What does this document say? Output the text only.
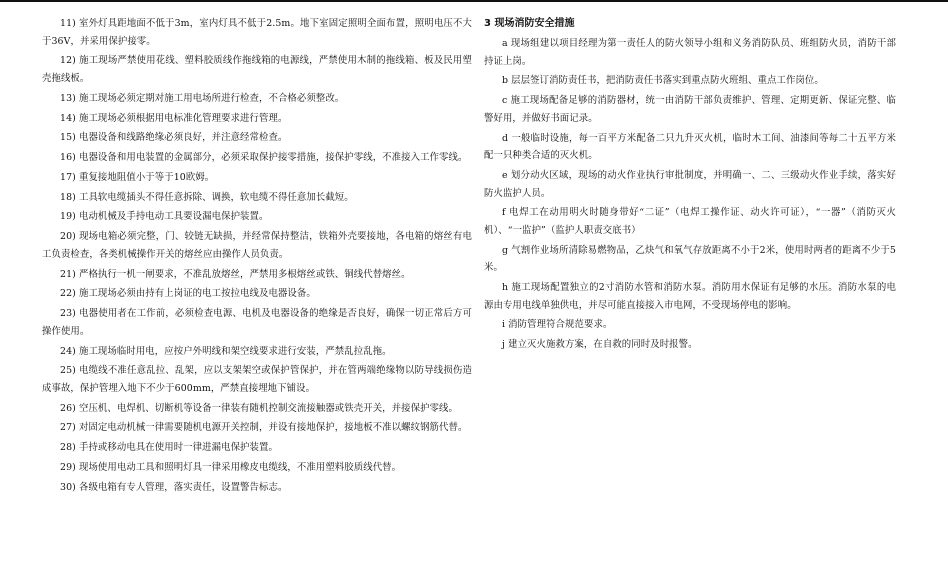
11) 室外灯具距地面不低于3m，室内灯具不低于2.5m。地下室固定照明全面布置，照明电压不大于36V，并采用保护接零。

12) 施工现场严禁使用花线、塑料胶质线作拖线箱的电源线，严禁使用木制的拖线箱、板及民用塑壳拖线板。

13) 施工现场必须定期对施工用电场所进行检查，不合格必须整改。

14) 施工现场必须根据用电标准化管理要求进行管理。

15) 电器设备和线路绝缘必须良好，并注意经常检查。

16) 电器设备和用电装置的金属部分，必须采取保护接零措施，接保护零线，不准接入工作零线。

17) 重复接地阻值小于等于10欧姆。

18) 工具软电缆插头不得任意拆除、调换，软电缆不得任意加长截短。

19) 电动机械及手持电动工具要设漏电保护装置。

20) 现场电箱必须完整，门、较链无缺损，并经常保持整洁，铁箱外壳要接地，各电箱的熔丝有电工负责检查，各类机械操作开关的熔丝应由操作人员负责。

21) 严格执行一机一闸要求，不准乱放熔丝，严禁用多根熔丝或铁、铜线代替熔丝。

22) 施工现场必须由持有上岗证的电工按拉电线及电器设备。

23) 电器使用者在工作前，必须检查电源、电机及电器设备的绝缘是否良好，确保一切正常后方可操作使用。

24) 施工现场临时用电，应按户外明线和架空线要求进行安装，严禁乱拉乱拖。

25) 电缆线不准任意乱拉、乱架，应以支架架空或保护管保护，并在管两端绝缘物以防导线损伤造成事故，保护管埋入地下不少于600mm，严禁直接埋地下铺设。

26) 空压机、电焊机、切断机等设备一律装有随机控制交流接触器或铁壳开关，并接保护零线。

27) 对固定电动机械一律需要随机电源开关控制，并设有接地保护，接地板不准以螺纹钢筋代替。

28) 手持或移动电具在使用时一律进漏电保护装置。

29) 现场使用电动工具和照明灯具一律采用橡皮电缆线，不准用塑料胶质线代替。

30) 各级电箱有专人管理，落实责任，设置警告标志。

3 现场消防安全措施

a 现场组建以项目经理为第一责任人的防火领导小组和义务消防队员、班组防火员，消防干部持证上岗。

b 层层签订消防责任书，把消防责任书落实到重点防火班组、重点工作岗位。

c 施工现场配备足够的消防器材，统一由消防干部负责维护、管理、定期更新、保证完整、临警好用，并做好书面记录。

d 一般临时设施，每一百平方米配备二只九升灭火机，临时木工间、油漆间等每二十五平方米配一只种类合适的灭火机。

e 划分动火区域，现场的动火作业执行审批制度，并明确一、二、三级动火作业手续，落实好防火监护人员。

f 电焊工在动用明火时随身带好“二证”（电焊工操作证、动火许可证），“一器”（消防灭火机）、“一监护”（监护人职责交底书）

g 气割作业场所清除易燃物品，乙炔气和氧气存放距离不小于2米，使用时两者的距离不少于5米。

h 施工现场配置独立的2寸消防水管和消防水泵。消防用水保证有足够的水压。消防水泵的电源由专用电线单独供电，并尽可能直接接入市电网，不受现场停电的影响。

i 消防管理符合规范要求。

j 建立灭火施救方案，在自救的同时及时报警。
